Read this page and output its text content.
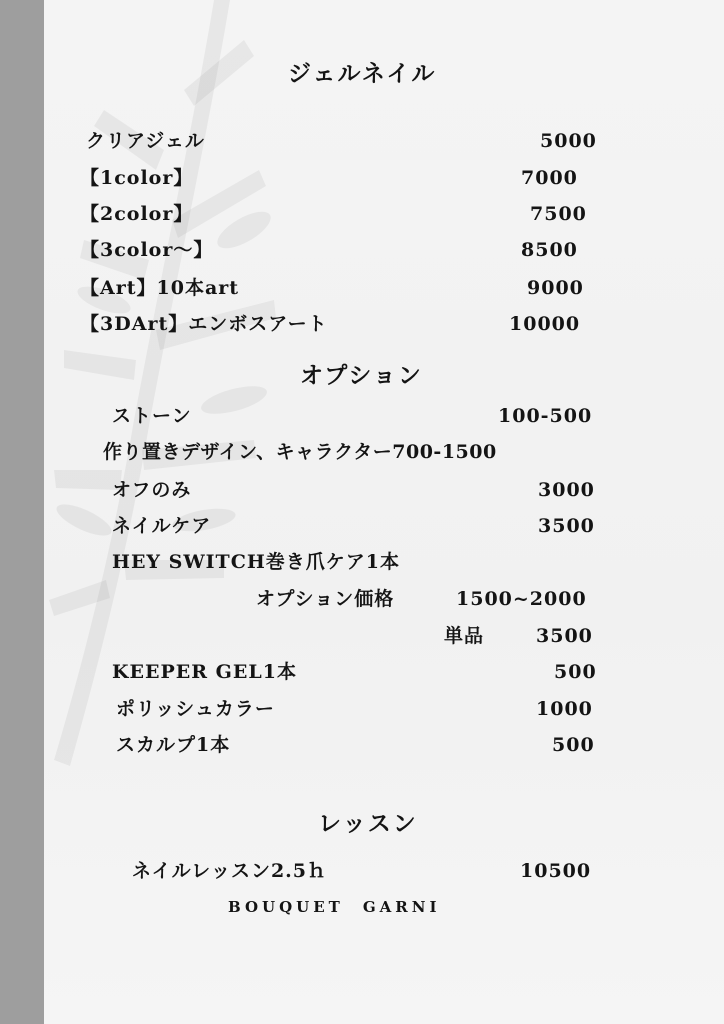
ジェルネイル
クリアジェル	5000
【1color】	7000
【2color】	7500
【3color～】	8500
【Art】10本art	9000
【3DArt】エンボスアート	10000
オプション
ストーン	100-500
作り置きデザイン、キャラクター700-1500
オフのみ	3000
ネイルケア	3500
HEY SWITCH巻き爪ケア1本
オプション価格	1500~2000
単品	3500
KEEPER GEL1本	500
ポリッシュカラー	1000
スカルプ1本	500
レッスン
ネイルレッスン2.5ｈ	10500
BOUQUET　GARNI
